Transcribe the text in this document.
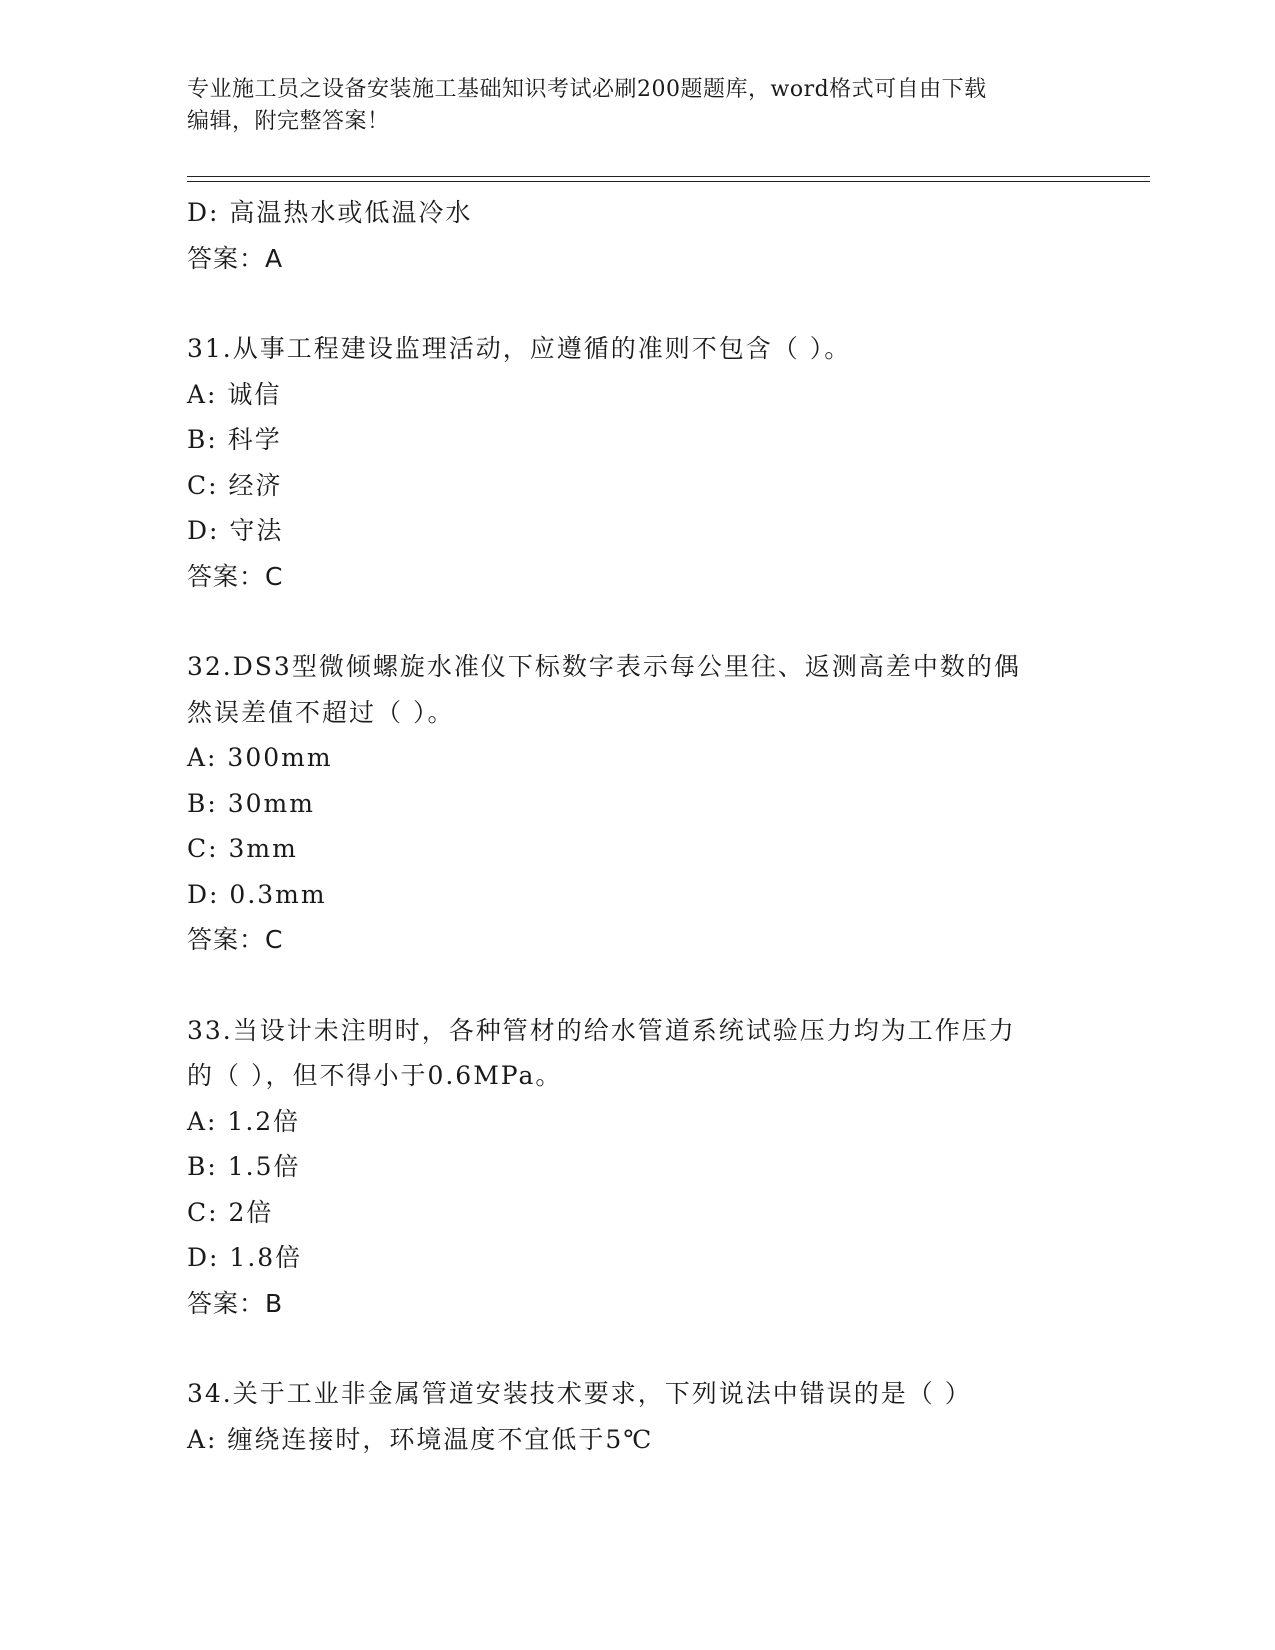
专业施工员之设备安装施工基础知识考试必刷200题题库，word格式可自由下载
编辑，附完整答案！
D: 高温热水或低温冷水
答案：A
31.从事工程建设监理活动，应遵循的准则不包含（ ）。
A: 诚信
B: 科学
C: 经济
D: 守法
答案：C
32.DS3型微倾螺旋水准仪下标数字表示每公里往、返测高差中数的偶
然误差值不超过（ ）。
A: 300mm
B: 30mm
C: 3mm
D: 0.3mm
答案：C
33.当设计未注明时，各种管材的给水管道系统试验压力均为工作压力
的（ ），但不得小于0.6MPa。
A: 1.2倍
B: 1.5倍
C: 2倍
D: 1.8倍
答案：B
34.关于工业非金属管道安装技术要求，下列说法中错误的是（ ）
A: 缠绕连接时，环境温度不宜低于5℃
